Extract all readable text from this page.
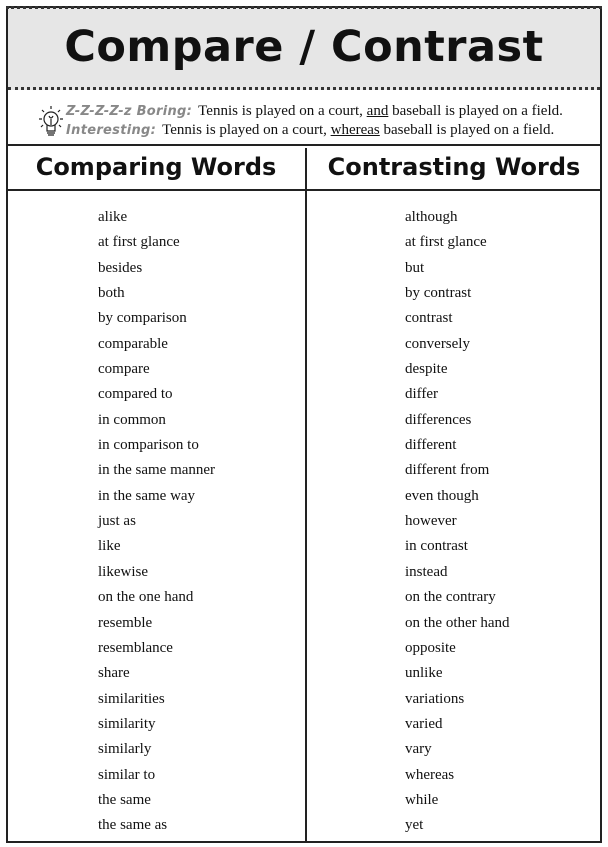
Compare / Contrast
Z-Z-Z-Z-z Boring: Tennis is played on a court, and baseball is played on a field.
Interesting: Tennis is played on a court, whereas baseball is played on a field.
Comparing Words	Contrasting Words
alike
at first glance
besides
both
by comparison
comparable
compare
compared to
in common
in comparison to
in the same manner
in the same way
just as
like
likewise
on the one hand
resemble
resemblance
share
similarities
similarity
similarly
similar to
the same
the same as
although
at first glance
but
by contrast
contrast
conversely
despite
differ
differences
different
different from
even though
however
in contrast
instead
on the contrary
on the other hand
opposite
unlike
variations
varied
vary
whereas
while
yet
